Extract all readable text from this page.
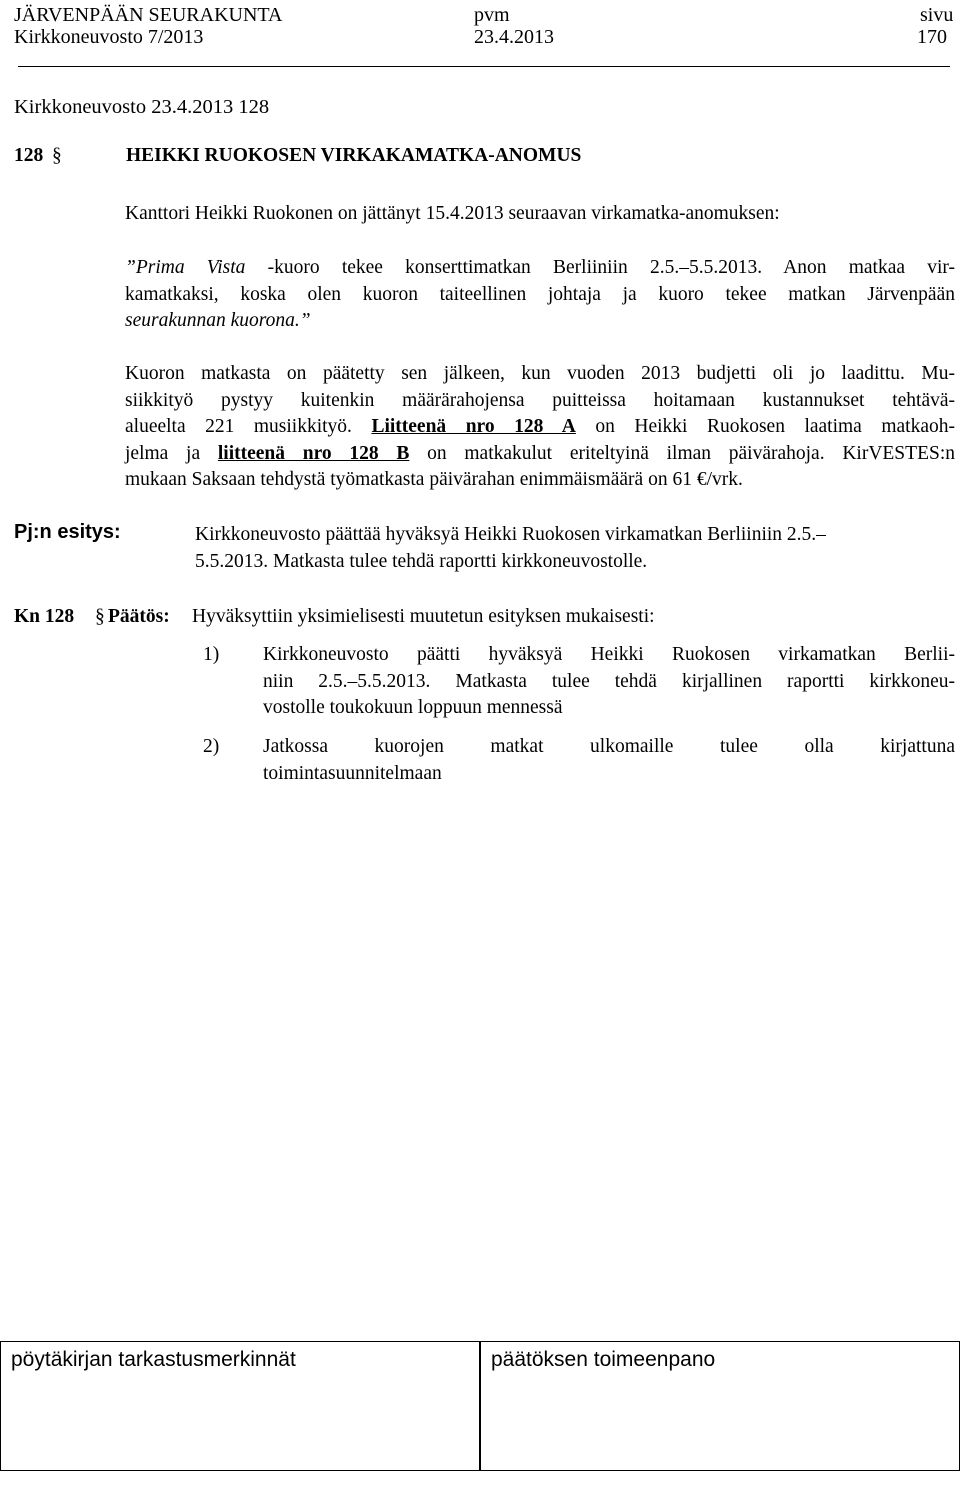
JÄRVENPÄÄN SEURAKUNTA	pvm	sivu
Kirkkoneuvosto 7/2013	23.4.2013	170
Kirkkoneuvosto 23.4.2013 128
128 §	HEIKKI RUOKOSEN VIRKAKAMATKA-ANOMUS
Kanttori Heikki Ruokonen on jättänyt 15.4.2013 seuraavan virkamatka-anomuksen:
”Prima Vista -kuoro tekee konserttimatkan Berliiniin 2.5.–5.5.2013. Anon matkaa vir-
kamatkaksi, koska olen kuoron taiteellinen johtaja ja kuoro tekee matkan Järvenpään
seurakunnan kuorona.”
Kuoron matkasta on päätetty sen jälkeen, kun vuoden 2013 budjetti oli jo laadittu. Mu-
siikkityö pystyy kuitenkin määrärahojensa puitteissa hoitamaan kustannukset tehtävä-
alueelta 221 musiikkityö. Liitteenä nro 128 A on Heikki Ruokosen laatima matkaoh-
jelma ja liitteenä nro 128 B on matkakulut eriteltyinä ilman päivärahoja. KirVESTES:n
mukaan Saksaan tehdystä työmatkasta päivärahan enimmäismäärä on 61 €/vrk.
Pj:n esitys:	Kirkkoneuvosto päättää hyväksyä Heikki Ruokosen virkamatkan Berliiniin 2.5.–
5.5.2013. Matkasta tulee tehdä raportti kirkkoneuvostolle.
Kn 128 § Päätös: Hyväksyttiin yksimielisesti muutetun esityksen mukaisesti:
1) Kirkkoneuvosto päätti hyväksyä Heikki Ruokosen virkamatkan Berlii-
niin 2.5.–5.5.2013. Matkasta tulee tehdä kirjallinen raportti kirkkoneu-
vostolle toukokuun loppuun mennessä
2) Jatkossa kuorojen matkat ulkomaille tulee olla kirjattuna
toimintasuunnitelmaan
pöytäkirjan tarkastusmerkinnät	päätöksen toimeenpano
